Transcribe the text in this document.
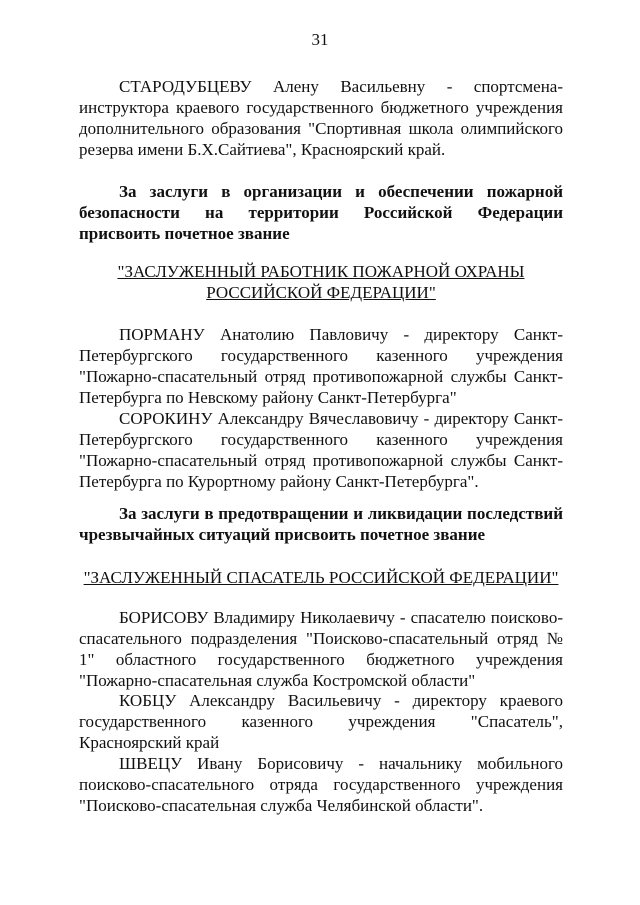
31

СТАРОДУБЦЕВУ Алену Васильевну - спортсмена-инструктора краевого государственного бюджетного учреждения дополнительного образования "Спортивная школа олимпийского резерва имени Б.Х.Сайтиева", Красноярский край.

За заслуги в организации и обеспечении пожарной безопасности на территории Российской Федерации присвоить почетное звание

"ЗАСЛУЖЕННЫЙ РАБОТНИК ПОЖАРНОЙ ОХРАНЫ
РОССИЙСКОЙ ФЕДЕРАЦИИ"

ПОРМАНУ Анатолию Павловичу - директору Санкт-Петербургского государственного казенного учреждения "Пожарно-спасательный отряд противопожарной службы Санкт-Петербурга по Невскому району Санкт-Петербурга"

СОРОКИНУ Александру Вячеславовичу - директору Санкт-Петербургского государственного казенного учреждения "Пожарно-спасательный отряд противопожарной службы Санкт-Петербурга по Курортному району Санкт-Петербурга".

За заслуги в предотвращении и ликвидации последствий чрезвычайных ситуаций присвоить почетное звание

"ЗАСЛУЖЕННЫЙ СПАСАТЕЛЬ РОССИЙСКОЙ ФЕДЕРАЦИИ"

БОРИСОВУ Владимиру Николаевичу - спасателю поисково-спасательного подразделения "Поисково-спасательный отряд № 1" областного государственного бюджетного учреждения "Пожарно-спасательная служба Костромской области"

КОБЦУ Александру Васильевичу - директору краевого государственного казенного учреждения "Спасатель", Красноярский край

ШВЕЦУ Ивану Борисовичу - начальнику мобильного поисково-спасательного отряда государственного учреждения "Поисково-спасательная служба Челябинской области".
